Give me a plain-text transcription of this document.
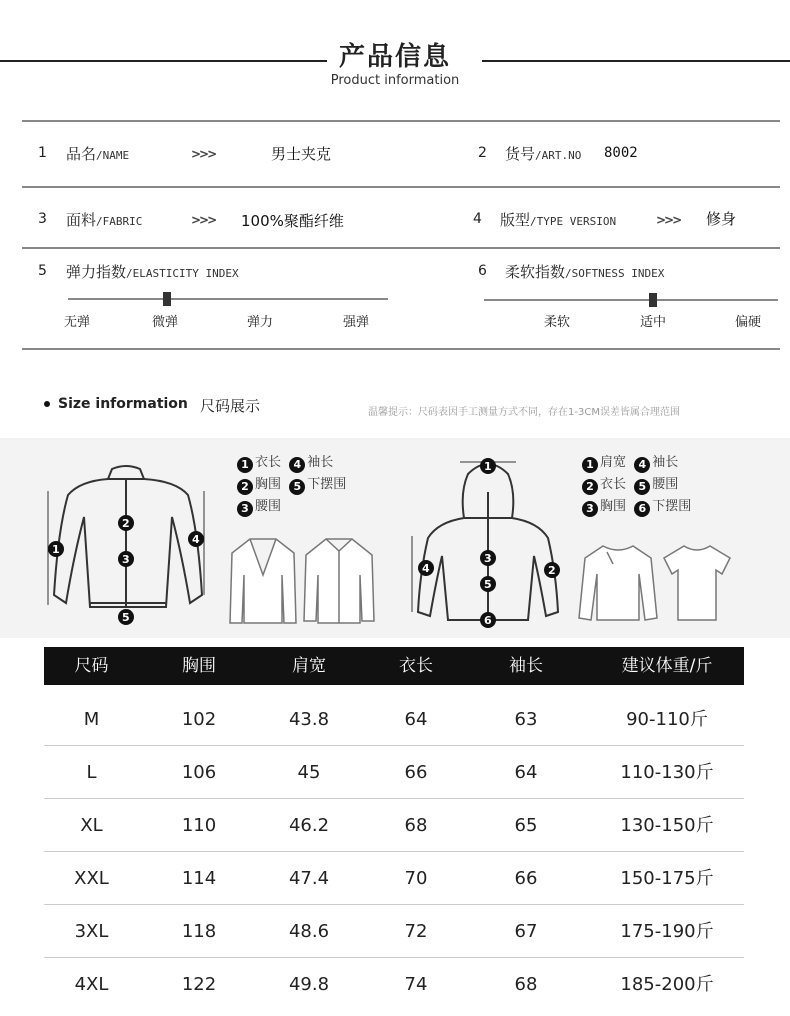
产品信息
Product information
1 品名/NAME	>>>	男士夹克	2 货号/ART.NO 8002
3 面料/FABRIC	>>> 100%聚酯纤维	4 版型/TYPE VERSION	>>> 修身
5 弹力指数/ELASTICITY INDEX
无弹	微弹	弹力	强弹
6 柔软指数/SOFTNESS INDEX
柔软	适中	偏硬
Size information 尺码展示	温馨提示：尺码表因手工测量方式不同，存在1-3CM误差皆属合理范围
1
2
3
4
5
1 衣长 4 袖长
2 胸围 5 下摆围
3 腰围
1
2
3
4
5
6
1 肩宽 4 袖长
2 衣长 5 腰围
3 胸围 6 下摆围
尺码	胸围	肩宽	衣长	袖长	建议体重/斤
M	102	43.8	64	63	90-110斤
L	106	45	66	64	110-130斤
XL	110	46.2	68	65	130-150斤
XXL	114	47.4	70	66	150-175斤
3XL	118	48.6	72	67	175-190斤
4XL	122	49.8	74	68	185-200斤
